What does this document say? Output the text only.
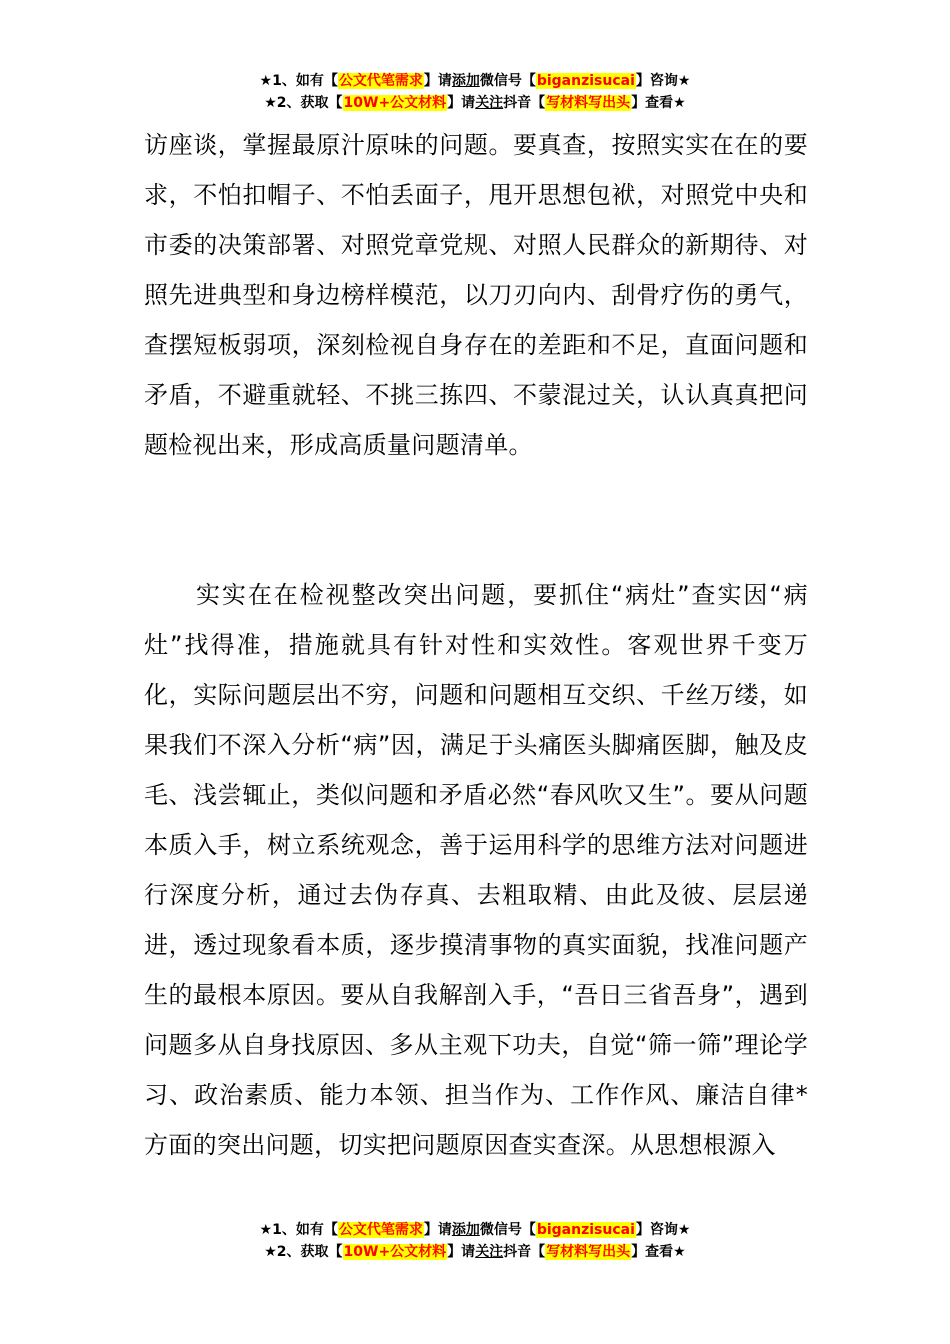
★1、如有【公文代笔需求】请添加微信号【biganzisucai】咨询★
★2、获取【10W+公文材料】请关注抖音【写材料写出头】查看★

访座谈，掌握最原汁原味的问题。要真查，按照实实在在的要求，不怕扣帽子、不怕丢面子，甩开思想包袱，对照党中央和市委的决策部署、对照党章党规、对照人民群众的新期待、对照先进典型和身边榜样模范，以刀刃向内、刮骨疗伤的勇气，查摆短板弱项，深刻检视自身存在的差距和不足，直面问题和矛盾，不避重就轻、不挑三拣四、不蒙混过关，认认真真把问题检视出来，形成高质量问题清单。

实实在在检视整改突出问题，要抓住“病灶”查实因“病灶”找得准，措施就具有针对性和实效性。客观世界千变万化，实际问题层出不穷，问题和问题相互交织、千丝万缕，如果我们不深入分析“病”因，满足于头痛医头脚痛医脚，触及皮毛、浅尝辄止，类似问题和矛盾必然“春风吹又生”。要从问题本质入手，树立系统观念，善于运用科学的思维方法对问题进行深度分析，通过去伪存真、去粗取精、由此及彼、层层递进，透过现象看本质，逐步摸清事物的真实面貌，找准问题产生的最根本原因。要从自我解剖入手，“吾日三省吾身”，遇到问题多从自身找原因、多从主观下功夫，自觉“筛一筛”理论学习、政治素质、能力本领、担当作为、工作作风、廉洁自律*方面的突出问题，切实把问题原因查实查深。从思想根源入

★1、如有【公文代笔需求】请添加微信号【biganzisucai】咨询★
★2、获取【10W+公文材料】请关注抖音【写材料写出头】查看★
